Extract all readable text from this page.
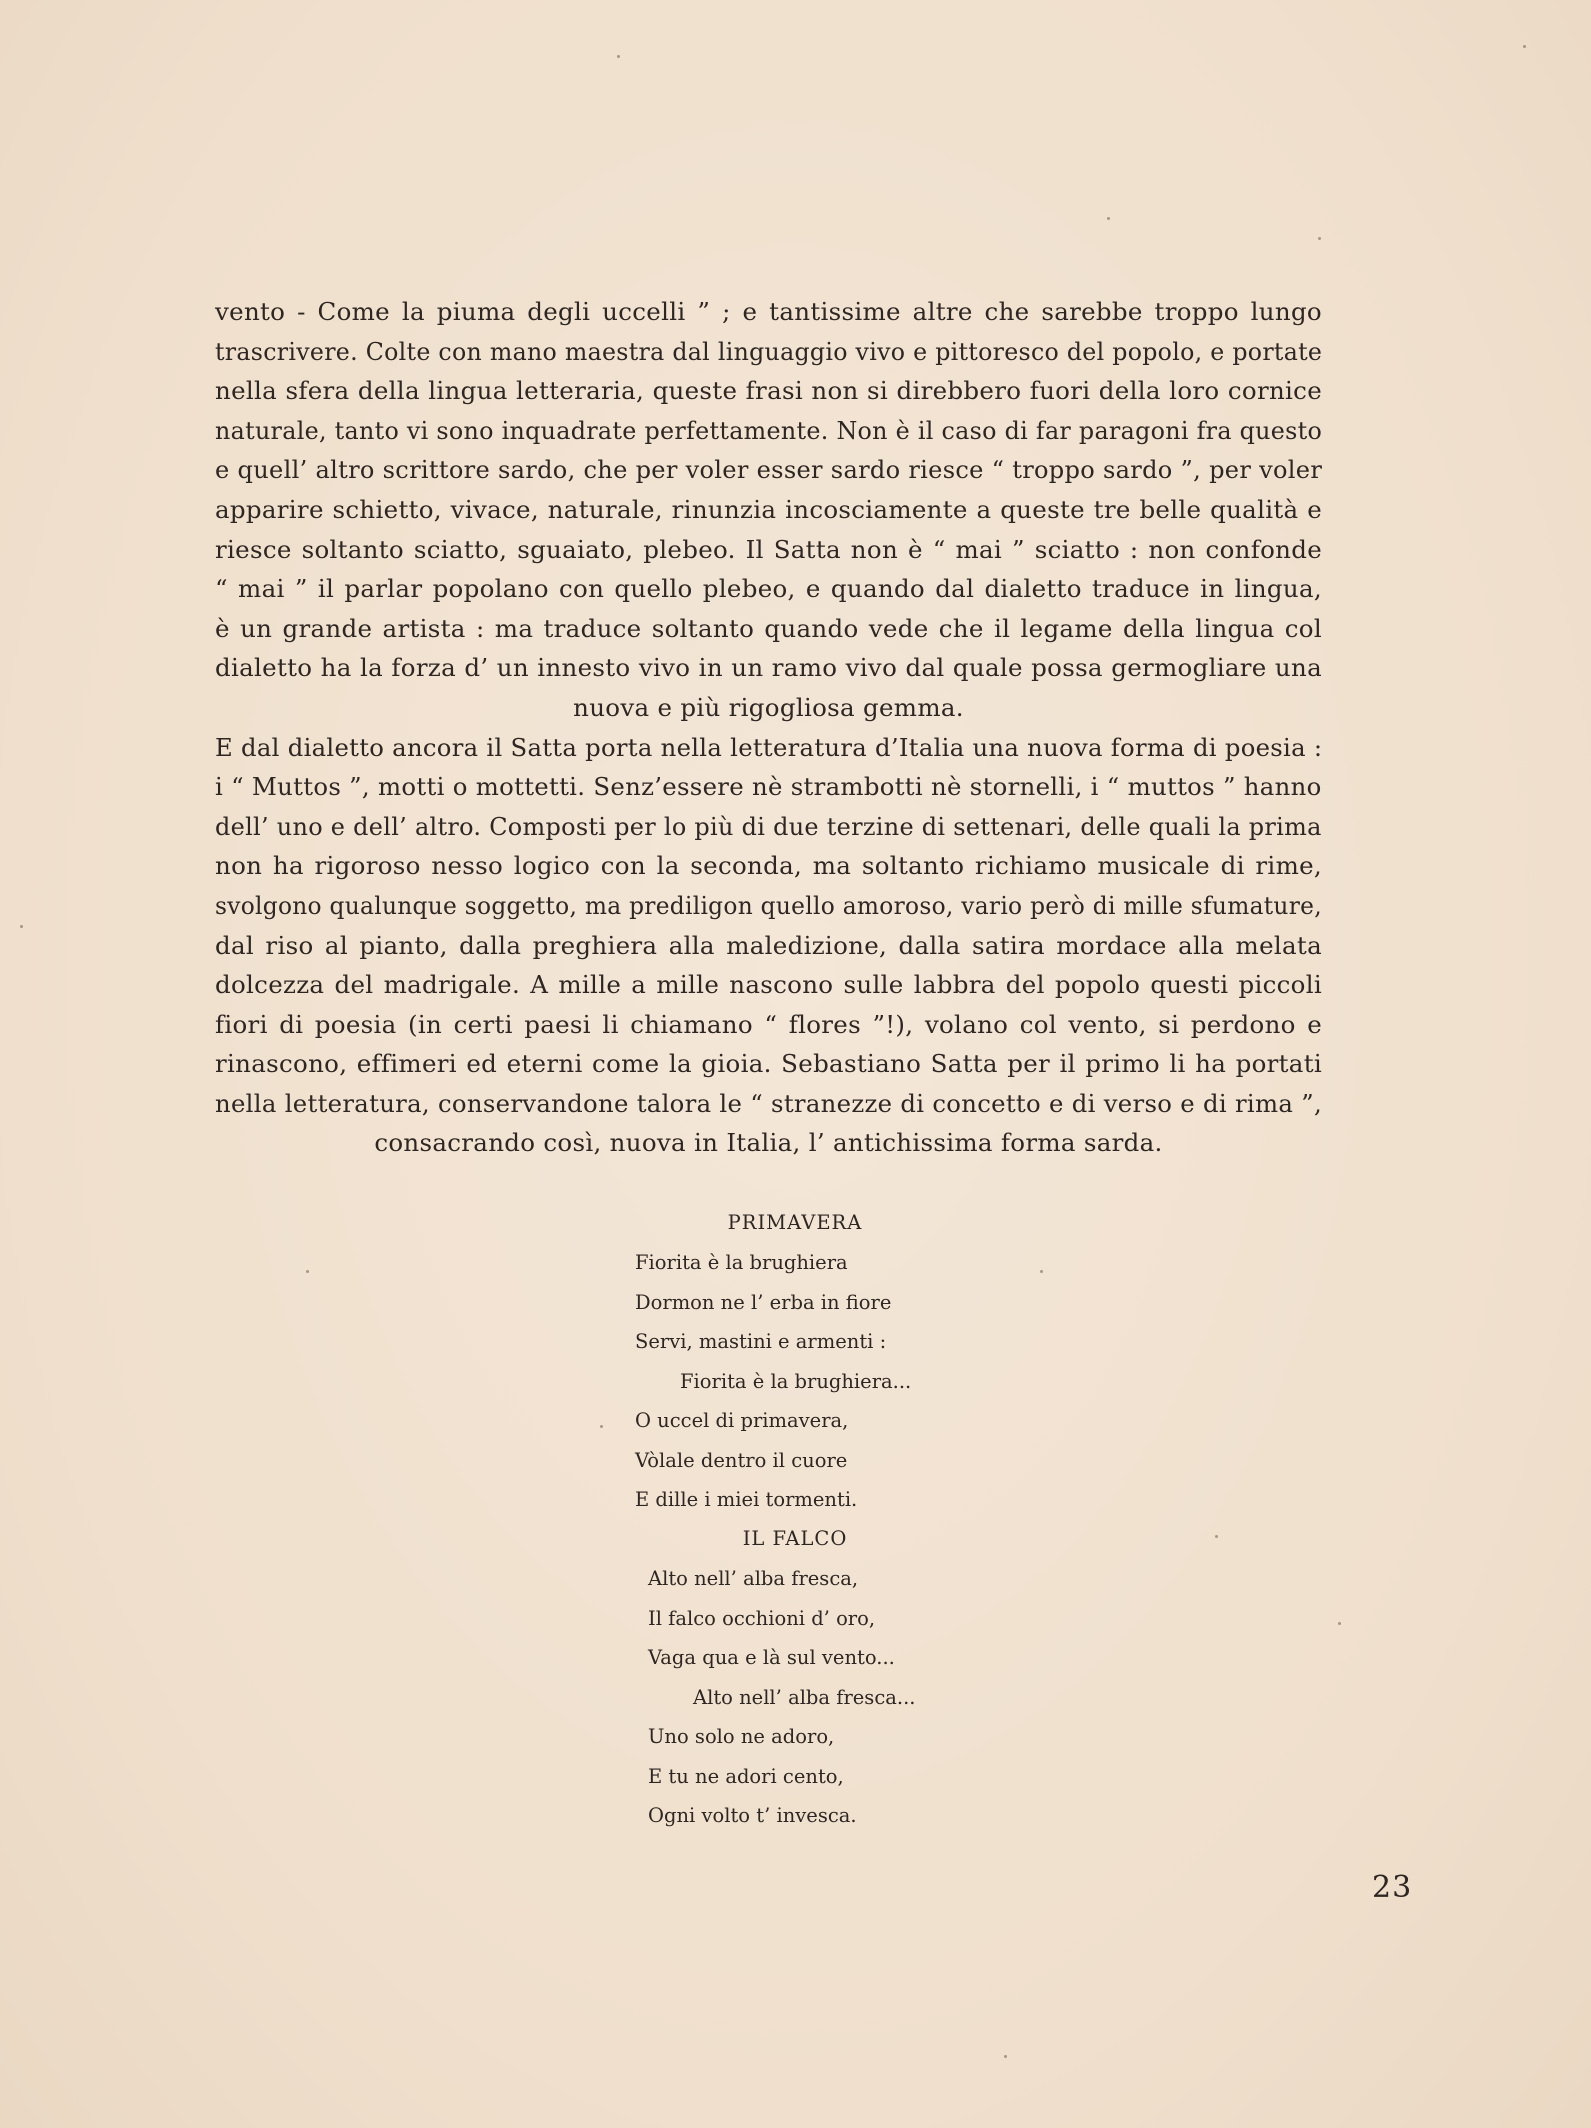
vento - Come la piuma degli uccelli ” ; e tantissime altre che sarebbe troppo lungo
trascrivere. Colte con mano maestra dal linguaggio vivo e pittoresco del popolo, e portate
nella sfera della lingua letteraria, queste frasi non si direbbero fuori della loro cornice
naturale, tanto vi sono inquadrate perfettamente. Non è il caso di far paragoni fra questo
e quell’ altro scrittore sardo, che per voler esser sardo riesce “ troppo sardo ”, per voler
apparire schietto, vivace, naturale, rinunzia incosciamente a queste tre belle qualità e
riesce soltanto sciatto, sguaiato, plebeo. Il Satta non è “ mai ” sciatto : non confonde
“ mai ” il parlar popolano con quello plebeo, e quando dal dialetto traduce in lingua,
è un grande artista : ma traduce soltanto quando vede che il legame della lingua col
dialetto ha la forza d’ un innesto vivo in un ramo vivo dal quale possa germogliare una
nuova e più rigogliosa gemma.
E dal dialetto ancora il Satta porta nella letteratura d’Italia una nuova forma di poesia :
i “ Muttos ”, motti o mottetti. Senz’essere nè strambotti nè stornelli, i “ muttos ” hanno
dell’ uno e dell’ altro. Composti per lo più di due terzine di settenari, delle quali la prima
non ha rigoroso nesso logico con la seconda, ma soltanto richiamo musicale di rime,
svolgono qualunque soggetto, ma prediligon quello amoroso, vario però di mille sfumature,
dal riso al pianto, dalla preghiera alla maledizione, dalla satira mordace alla melata
dolcezza del madrigale. A mille a mille nascono sulle labbra del popolo questi piccoli
fiori di poesia (in certi paesi li chiamano “ flores ”!), volano col vento, si perdono e
rinascono, effimeri ed eterni come la gioia. Sebastiano Satta per il primo li ha portati
nella letteratura, conservandone talora le “ stranezze di concetto e di verso e di rima ”,
consacrando così, nuova in Italia, l’ antichissima forma sarda.
PRIMAVERA
Fiorita è la brughiera
Dormon ne l’ erba in fiore
Servi, mastini e armenti :
Fiorita è la brughiera...
O uccel di primavera,
Vòlale dentro il cuore
E dille i miei tormenti.
IL FALCO
Alto nell’ alba fresca,
Il falco occhioni d’ oro,
Vaga qua e là sul vento...
Alto nell’ alba fresca...
Uno solo ne adoro,
E tu ne adori cento,
Ogni volto t’ invesca.
23
